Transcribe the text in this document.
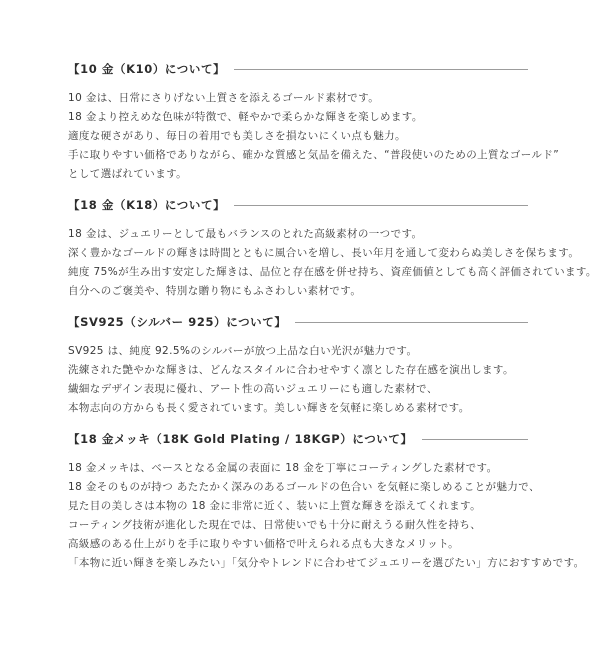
【10 金（K10）について】
10 金は、日常にさりげない上質さを添えるゴールド素材です。
18 金より控えめな色味が特徴で、軽やかで柔らかな輝きを楽しめます。
適度な硬さがあり、毎日の着用でも美しさを損ないにくい点も魅力。
手に取りやすい価格でありながら、確かな質感と気品を備えた、“普段使いのための上質なゴールド”
として選ばれています。
【18 金（K18）について】
18 金は、ジュエリーとして最もバランスのとれた高級素材の一つです。
深く豊かなゴールドの輝きは時間とともに風合いを増し、長い年月を通して変わらぬ美しさを保ちます。
純度 75%が生み出す安定した輝きは、品位と存在感を併せ持ち、資産価値としても高く評価されています。
自分へのご褒美や、特別な贈り物にもふさわしい素材です。
【SV925（シルバー 925）について】
SV925 は、純度 92.5%のシルバーが放つ上品な白い光沢が魅力です。
洗練された艶やかな輝きは、どんなスタイルに合わせやすく凛とした存在感を演出します。
繊細なデザイン表現に優れ、アート性の高いジュエリーにも適した素材で、
本物志向の方からも長く愛されています。美しい輝きを気軽に楽しめる素材です。
【18 金メッキ（18K Gold Plating / 18KGP）について】
18 金メッキは、ベースとなる金属の表面に 18 金を丁寧にコーティングした素材です。
18 金そのものが持つ あたたかく深みのあるゴールドの色合い を気軽に楽しめることが魅力で、
見た目の美しさは本物の 18 金に非常に近く、装いに上質な輝きを添えてくれます。
コーティング技術が進化した現在では、日常使いでも十分に耐えうる耐久性を持ち、
高級感のある仕上がりを手に取りやすい価格で叶えられる点も大きなメリット。
「本物に近い輝きを楽しみたい」「気分やトレンドに合わせてジュエリーを選びたい」方におすすめです。
